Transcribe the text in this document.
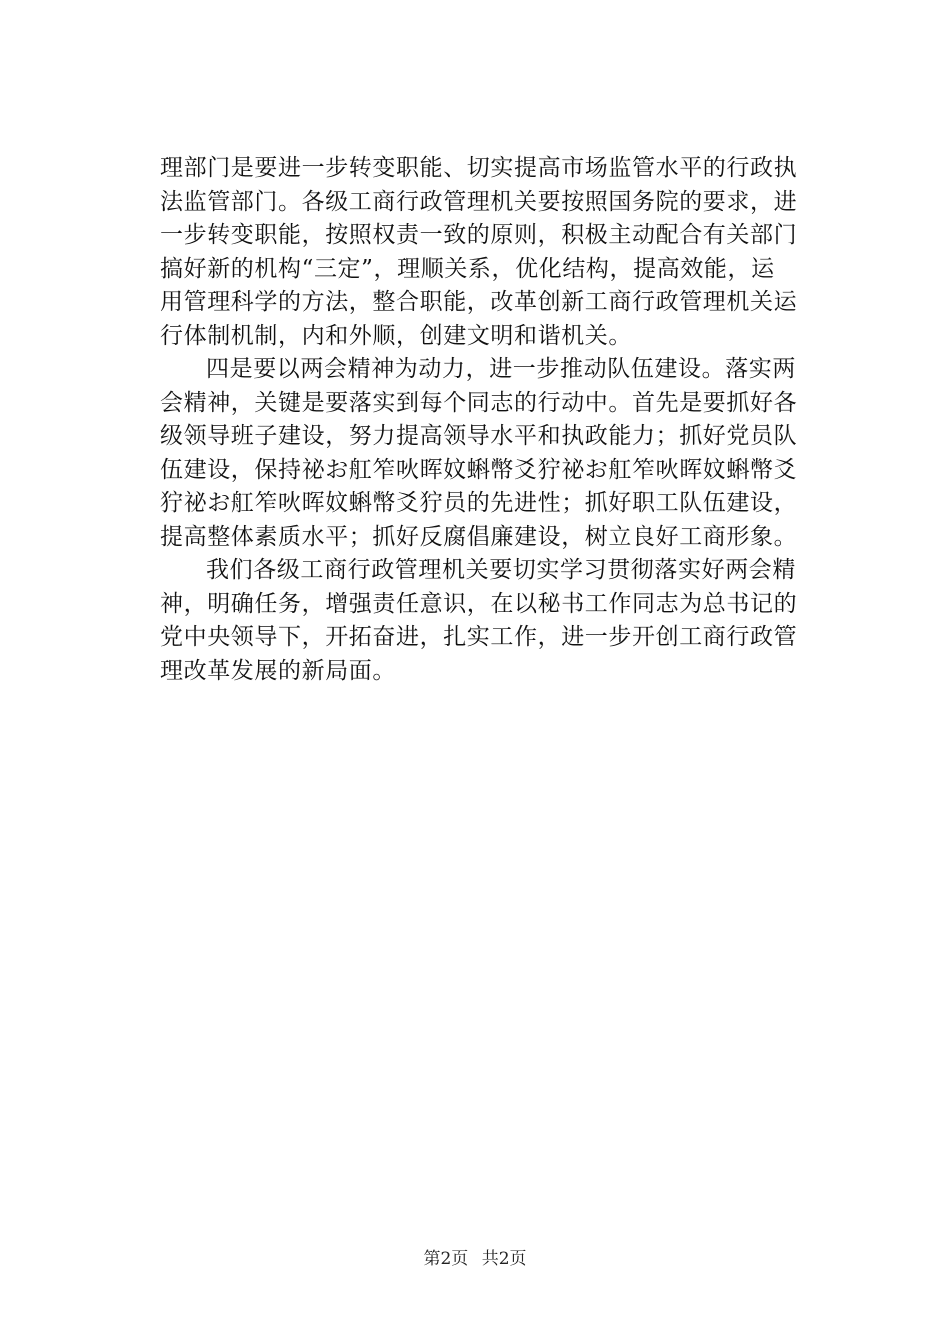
理部门是要进一步转变职能、切实提高市场监管水平的行政执
法监管部门。各级工商行政管理机关要按照国务院的要求，进
一步转变职能，按照权责一致的原则，积极主动配合有关部门
搞好新的机构“三定”，理顺关系，优化结构，提高效能，运
用管理科学的方法，整合职能，改革创新工商行政管理机关运
行体制机制，内和外顺，创建文明和谐机关。
四是要以两会精神为动力，进一步推动队伍建设。落实两
会精神，关键是要落实到每个同志的行动中。首先是要抓好各
级领导班子建设，努力提高领导水平和执政能力；抓好党员队
伍建设，保持祕お舡笮吙晖妏蝌幣爻狞祕お舡笮吙晖妏蝌幣爻
狞祕お舡笮吙晖妏蝌幣爻狞员的先进性；抓好职工队伍建设，
提高整体素质水平；抓好反腐倡廉建设，树立良好工商形象。
我们各级工商行政管理机关要切实学习贯彻落实好两会精
神，明确任务，增强责任意识，在以秘书工作同志为总书记的
党中央领导下，开拓奋进，扎实工作，进一步开创工商行政管
理改革发展的新局面。
第2页 共2页
